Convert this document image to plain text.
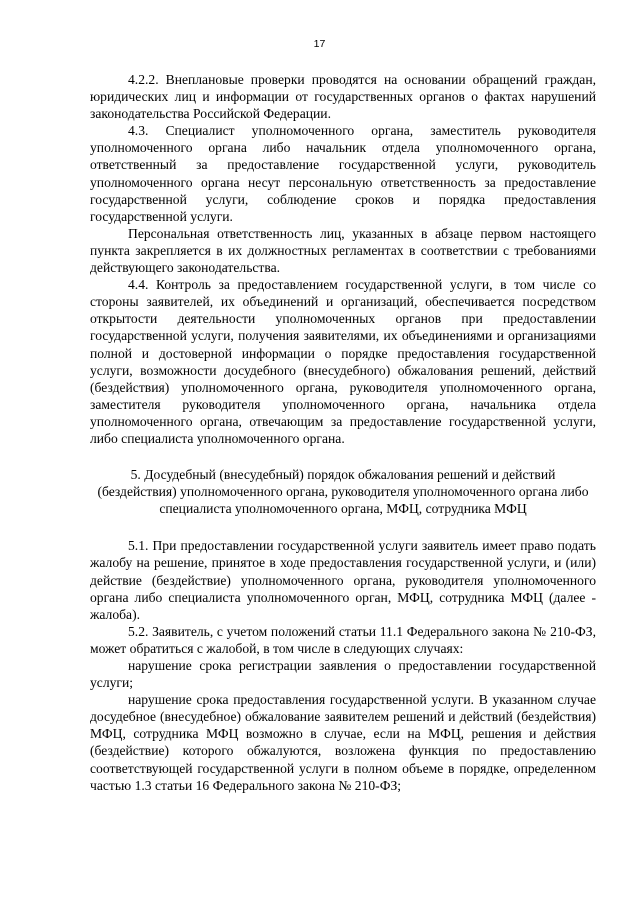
17

4.2.2. Внеплановые проверки проводятся на основании обращений граждан, юридических лиц и информации от государственных органов о фактах нарушений законодательства Российской Федерации.

4.3. Специалист уполномоченного органа, заместитель руководителя уполномоченного органа либо начальник отдела уполномоченного органа, ответственный за предоставление государственной услуги, руководитель уполномоченного органа несут персональную ответственность за предоставление государственной услуги, соблюдение сроков и порядка предоставления государственной услуги.

Персональная ответственность лиц, указанных в абзаце первом настоящего пункта закрепляется в их должностных регламентах в соответствии с требованиями действующего законодательства.

4.4. Контроль за предоставлением государственной услуги, в том числе со стороны заявителей, их объединений и организаций, обеспечивается посредством открытости деятельности уполномоченных органов при предоставлении государственной услуги, получения заявителями, их объединениями и организациями полной и достоверной информации о порядке предоставления государственной услуги, возможности досудебного (внесудебного) обжалования решений, действий (бездействия) уполномоченного органа, руководителя уполномоченного органа, заместителя руководителя уполномоченного органа, начальника отдела уполномоченного органа, отвечающим за предоставление государственной услуги, либо специалиста уполномоченного органа.

5. Досудебный (внесудебный) порядок обжалования решений и действий (бездействия) уполномоченного органа, руководителя уполномоченного органа либо специалиста уполномоченного органа, МФЦ, сотрудника МФЦ

5.1. При предоставлении государственной услуги заявитель имеет право подать жалобу на решение, принятое в ходе предоставления государственной услуги, и (или) действие (бездействие) уполномоченного органа, руководителя уполномоченного органа либо специалиста уполномоченного орган, МФЦ, сотрудника МФЦ (далее - жалоба).

5.2. Заявитель, с учетом положений статьи 11.1 Федерального закона № 210-ФЗ, может обратиться с жалобой, в том числе в следующих случаях:

нарушение срока регистрации заявления о предоставлении государственной услуги;

нарушение срока предоставления государственной услуги. В указанном случае досудебное (внесудебное) обжалование заявителем решений и действий (бездействия) МФЦ, сотрудника МФЦ возможно в случае, если на МФЦ, решения и действия (бездействие) которого обжалуются, возложена функция по предоставлению соответствующей государственной услуги в полном объеме в порядке, определенном частью 1.3 статьи 16 Федерального закона № 210-ФЗ;
